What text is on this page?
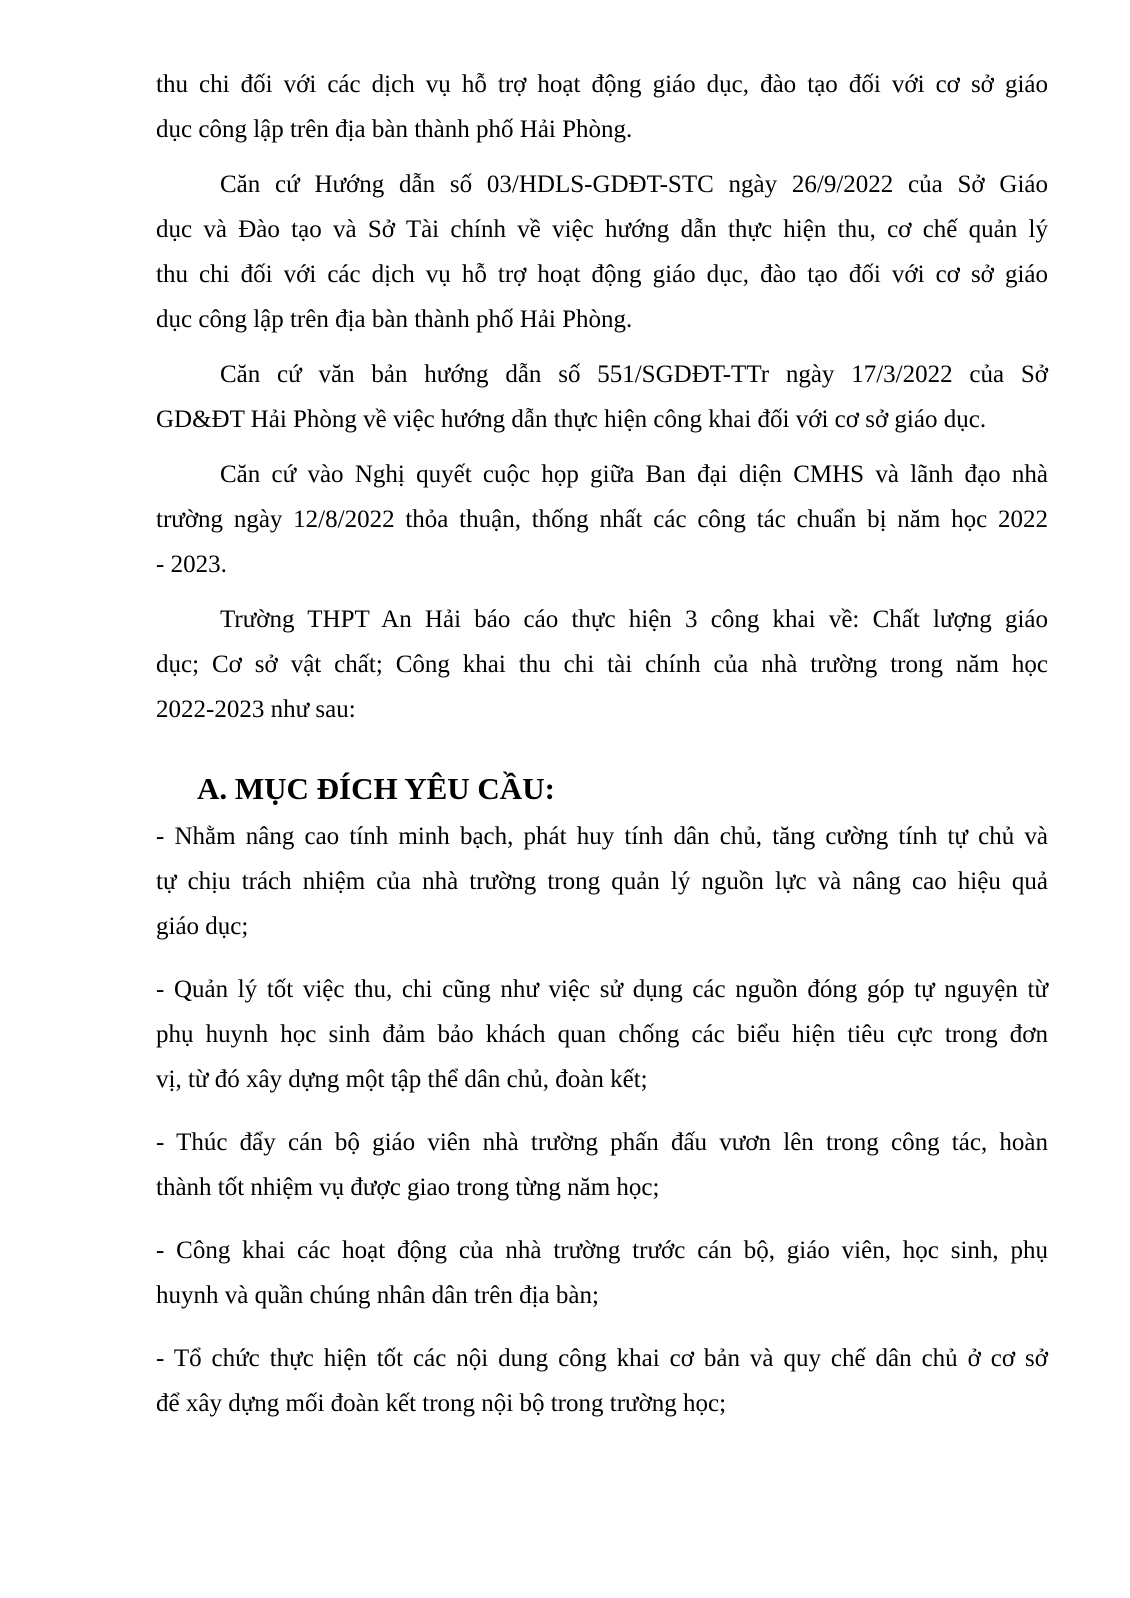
thu chi đối với các dịch vụ hỗ trợ hoạt động giáo dục, đào tạo đối với cơ sở giáo
dục công lập trên địa bàn thành phố Hải Phòng.
Căn cứ Hướng dẫn số 03/HDLS-GDĐT-STC ngày 26/9/2022 của Sở Giáo
dục và Đào tạo và Sở Tài chính về việc hướng dẫn thực hiện thu, cơ chế quản lý
thu chi đối với các dịch vụ hỗ trợ hoạt động giáo dục, đào tạo đối với cơ sở giáo
dục công lập trên địa bàn thành phố Hải Phòng.
Căn cứ văn bản hướng dẫn số 551/SGDĐT-TTr ngày 17/3/2022 của Sở
GD&ĐT Hải Phòng về việc hướng dẫn thực hiện công khai đối với cơ sở giáo dục.
Căn cứ vào Nghị quyết cuộc họp giữa Ban đại diện CMHS và lãnh đạo nhà
trường ngày 12/8/2022 thỏa thuận, thống nhất các công tác chuẩn bị năm học 2022
- 2023.
Trường THPT An Hải báo cáo thực hiện 3 công khai về: Chất lượng giáo
dục; Cơ sở vật chất; Công khai thu chi tài chính của nhà trường trong năm học
2022-2023 như sau:
A. MỤC ĐÍCH YÊU CẦU:
- Nhằm nâng cao tính minh bạch, phát huy tính dân chủ, tăng cường tính tự chủ và
tự chịu trách nhiệm của nhà trường trong quản lý nguồn lực và nâng cao hiệu quả
giáo dục;
- Quản lý tốt việc thu, chi cũng như việc sử dụng các nguồn đóng góp tự nguyện từ
phụ huynh học sinh đảm bảo khách quan chống các biểu hiện tiêu cực trong đơn
vị, từ đó xây dựng một tập thể dân chủ, đoàn kết;
- Thúc đẩy cán bộ giáo viên nhà trường phấn đấu vươn lên trong công tác, hoàn
thành tốt nhiệm vụ được giao trong từng năm học;
- Công khai các hoạt động của nhà trường trước cán bộ, giáo viên, học sinh, phụ
huynh và quần chúng nhân dân trên địa bàn;
- Tổ chức thực hiện tốt các nội dung công khai cơ bản và quy chế dân chủ ở cơ sở
để xây dựng mối đoàn kết trong nội bộ trong trường học;
